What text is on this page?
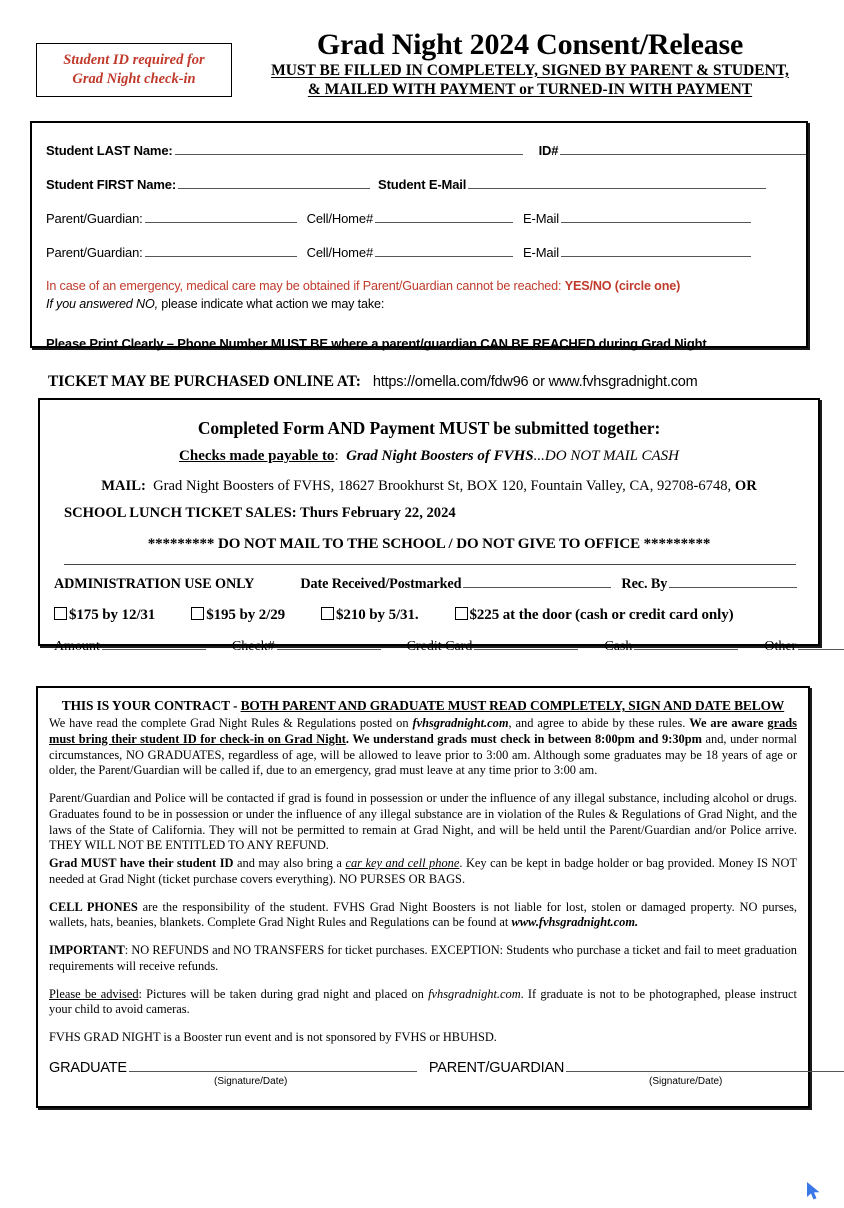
Student ID required for
Grad Night check-in
Grad Night 2024 Consent/Release
MUST BE FILLED IN COMPLETELY, SIGNED BY PARENT & STUDENT,
& MAILED WITH PAYMENT or TURNED-IN WITH PAYMENT
Student LAST Name:	ID#
Student FIRST Name:	Student E-Mail
Parent/Guardian:	Cell/Home#	E-Mail
Parent/Guardian:	Cell/Home#	E-Mail
In case of an emergency, medical care may be obtained if Parent/Guardian cannot be reached: YES/NO (circle one)
If you answered NO, please indicate what action we may take:
Please Print Clearly – Phone Number MUST BE where a parent/guardian CAN BE REACHED during Grad Night
TICKET MAY BE PURCHASED ONLINE AT: https://omella.com/fdw96 or www.fvhsgradnight.com
Completed Form AND Payment MUST be submitted together:
Checks made payable to: Grad Night Boosters of FVHS...DO NOT MAIL CASH
MAIL: Grad Night Boosters of FVHS, 18627 Brookhurst St, BOX 120, Fountain Valley, CA, 92708-6748, OR
SCHOOL LUNCH TICKET SALES: Thurs February 22, 2024
********* DO NOT MAIL TO THE SCHOOL / DO NOT GIVE TO OFFICE *********
ADMINISTRATION USE ONLY	Date Received/Postmarked	Rec. By
$175 by 12/31	$195 by 2/29	$210 by 5/31.	$225 at the door (cash or credit card only)
Amount	Check#	Credit Card	Cash	Other
THIS IS YOUR CONTRACT - BOTH PARENT AND GRADUATE MUST READ COMPLETELY, SIGN AND DATE BELOW
We have read the complete Grad Night Rules & Regulations posted on fvhsgradnight.com, and agree to abide by these rules. We are aware grads must bring their student ID for check-in on Grad Night. We understand grads must check in between 8:00pm and 9:30pm and, under normal circumstances, NO GRADUATES, regardless of age, will be allowed to leave prior to 3:00 am. Although some graduates may be 18 years of age or older, the Parent/Guardian will be called if, due to an emergency, grad must leave at any time prior to 3:00 am.
Parent/Guardian and Police will be contacted if grad is found in possession or under the influence of any illegal substance, including alcohol or drugs. Graduates found to be in possession or under the influence of any illegal substance are in violation of the Rules & Regulations of Grad Night, and the laws of the State of California. They will not be permitted to remain at Grad Night, and will be held until the Parent/Guardian and/or Police arrive. THEY WILL NOT BE ENTITLED TO ANY REFUND.
Grad MUST have their student ID and may also bring a car key and cell phone. Key can be kept in badge holder or bag provided. Money IS NOT needed at Grad Night (ticket purchase covers everything). NO PURSES OR BAGS.
CELL PHONES are the responsibility of the student. FVHS Grad Night Boosters is not liable for lost, stolen or damaged property. NO purses, wallets, hats, beanies, blankets. Complete Grad Night Rules and Regulations can be found at www.fvhsgradnight.com.
IMPORTANT: NO REFUNDS and NO TRANSFERS for ticket purchases. EXCEPTION: Students who purchase a ticket and fail to meet graduation requirements will receive refunds.
Please be advised: Pictures will be taken during grad night and placed on fvhsgradnight.com. If graduate is not to be photographed, please instruct your child to avoid cameras.
FVHS GRAD NIGHT is a Booster run event and is not sponsored by FVHS or HBUHSD.
GRADUATE	PARENT/GUARDIAN
(Signature/Date)	(Signature/Date)
